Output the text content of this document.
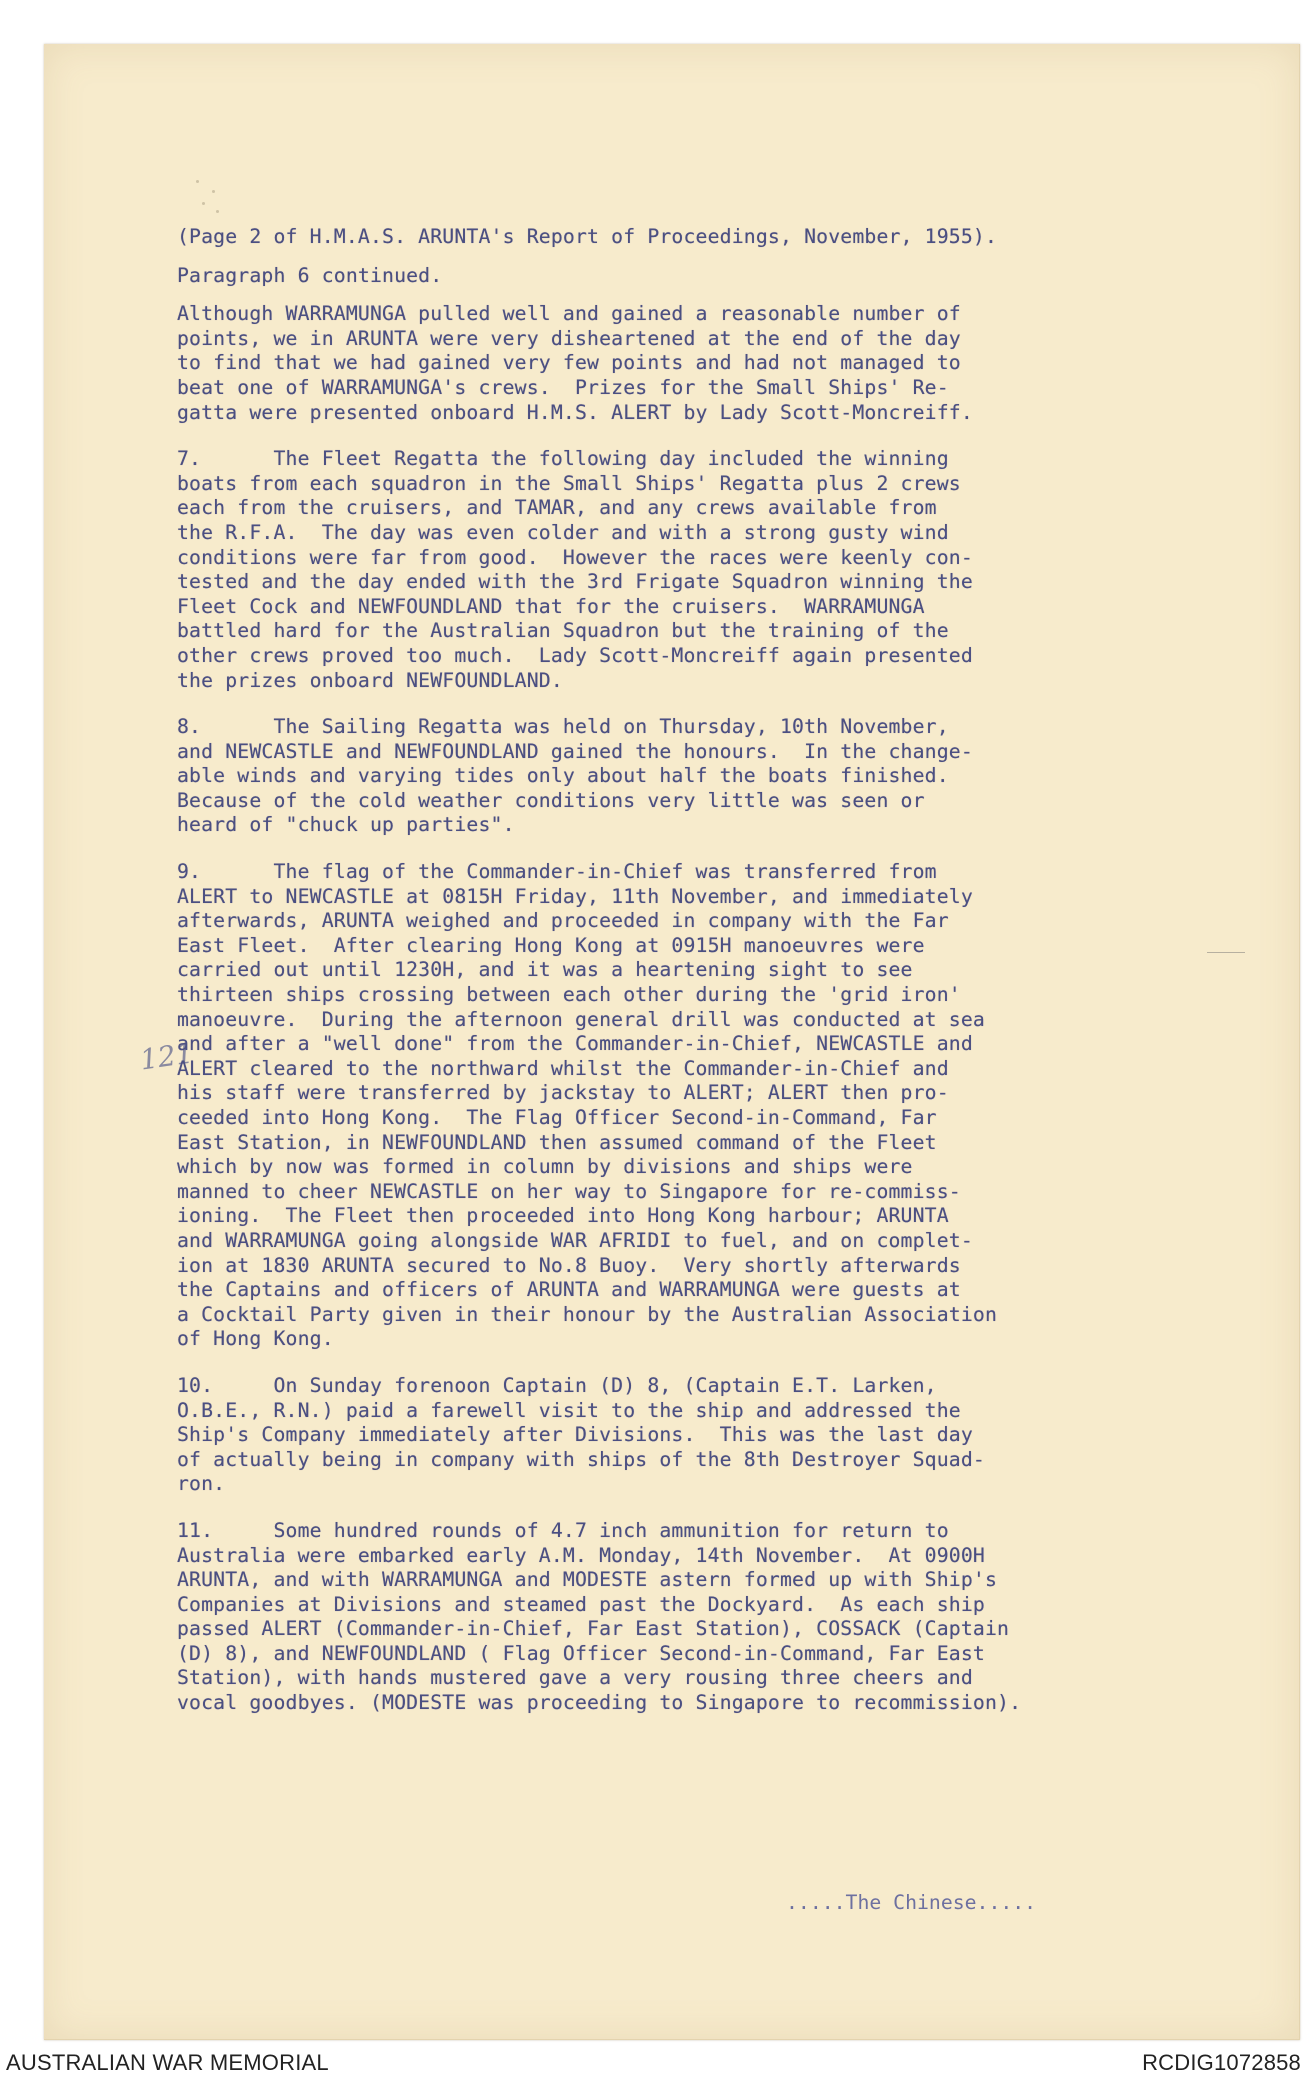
121

(Page 2 of H.M.A.S. ARUNTA's Report of Proceedings, November, 1955).

Paragraph 6 continued.

Although WARRAMUNGA pulled well and gained a reasonable number of

points, we in ARUNTA were very disheartened at the end of the day

to find that we had gained very few points and had not managed to

beat one of WARRAMUNGA's crews.  Prizes for the Small Ships' Re-

gatta were presented onboard H.M.S. ALERT by Lady Scott-Moncreiff.

7.      The Fleet Regatta the following day included the winning

boats from each squadron in the Small Ships' Regatta plus 2 crews

each from the cruisers, and TAMAR, and any crews available from

the R.F.A.  The day was even colder and with a strong gusty wind

conditions were far from good.  However the races were keenly con-

tested and the day ended with the 3rd Frigate Squadron winning the

Fleet Cock and NEWFOUNDLAND that for the cruisers.  WARRAMUNGA

battled hard for the Australian Squadron but the training of the

other crews proved too much.  Lady Scott-Moncreiff again presented

the prizes onboard NEWFOUNDLAND.

8.      The Sailing Regatta was held on Thursday, 10th November,

and NEWCASTLE and NEWFOUNDLAND gained the honours.  In the change-

able winds and varying tides only about half the boats finished.

Because of the cold weather conditions very little was seen or

heard of "chuck up parties".

9.      The flag of the Commander-in-Chief was transferred from

ALERT to NEWCASTLE at 0815H Friday, 11th November, and immediately

afterwards, ARUNTA weighed and proceeded in company with the Far

East Fleet.  After clearing Hong Kong at 0915H manoeuvres were

carried out until 1230H, and it was a heartening sight to see

thirteen ships crossing between each other during the 'grid iron'

manoeuvre.  During the afternoon general drill was conducted at sea

and after a "well done" from the Commander-in-Chief, NEWCASTLE and

ALERT cleared to the northward whilst the Commander-in-Chief and

his staff were transferred by jackstay to ALERT; ALERT then pro-

ceeded into Hong Kong.  The Flag Officer Second-in-Command, Far

East Station, in NEWFOUNDLAND then assumed command of the Fleet

which by now was formed in column by divisions and ships were

manned to cheer NEWCASTLE on her way to Singapore for re-commiss-

ioning.  The Fleet then proceeded into Hong Kong harbour; ARUNTA

and WARRAMUNGA going alongside WAR AFRIDI to fuel, and on complet-

ion at 1830 ARUNTA secured to No.8 Buoy.  Very shortly afterwards

the Captains and officers of ARUNTA and WARRAMUNGA were guests at

a Cocktail Party given in their honour by the Australian Association

of Hong Kong.

10.     On Sunday forenoon Captain (D) 8, (Captain E.T. Larken,

O.B.E., R.N.) paid a farewell visit to the ship and addressed the

Ship's Company immediately after Divisions.  This was the last day

of actually being in company with ships of the 8th Destroyer Squad-

ron.

11.     Some hundred rounds of 4.7 inch ammunition for return to

Australia were embarked early A.M. Monday, 14th November.  At 0900H

ARUNTA, and with WARRAMUNGA and MODESTE astern formed up with Ship's

Companies at Divisions and steamed past the Dockyard.  As each ship

passed ALERT (Commander-in-Chief, Far East Station), COSSACK (Captain

(D) 8), and NEWFOUNDLAND ( Flag Officer Second-in-Command, Far East

Station), with hands mustered gave a very rousing three cheers and

vocal goodbyes. (MODESTE was proceeding to Singapore to recommission).

.....The Chinese.....
AUSTRALIAN WAR MEMORIAL	RCDIG1072858
